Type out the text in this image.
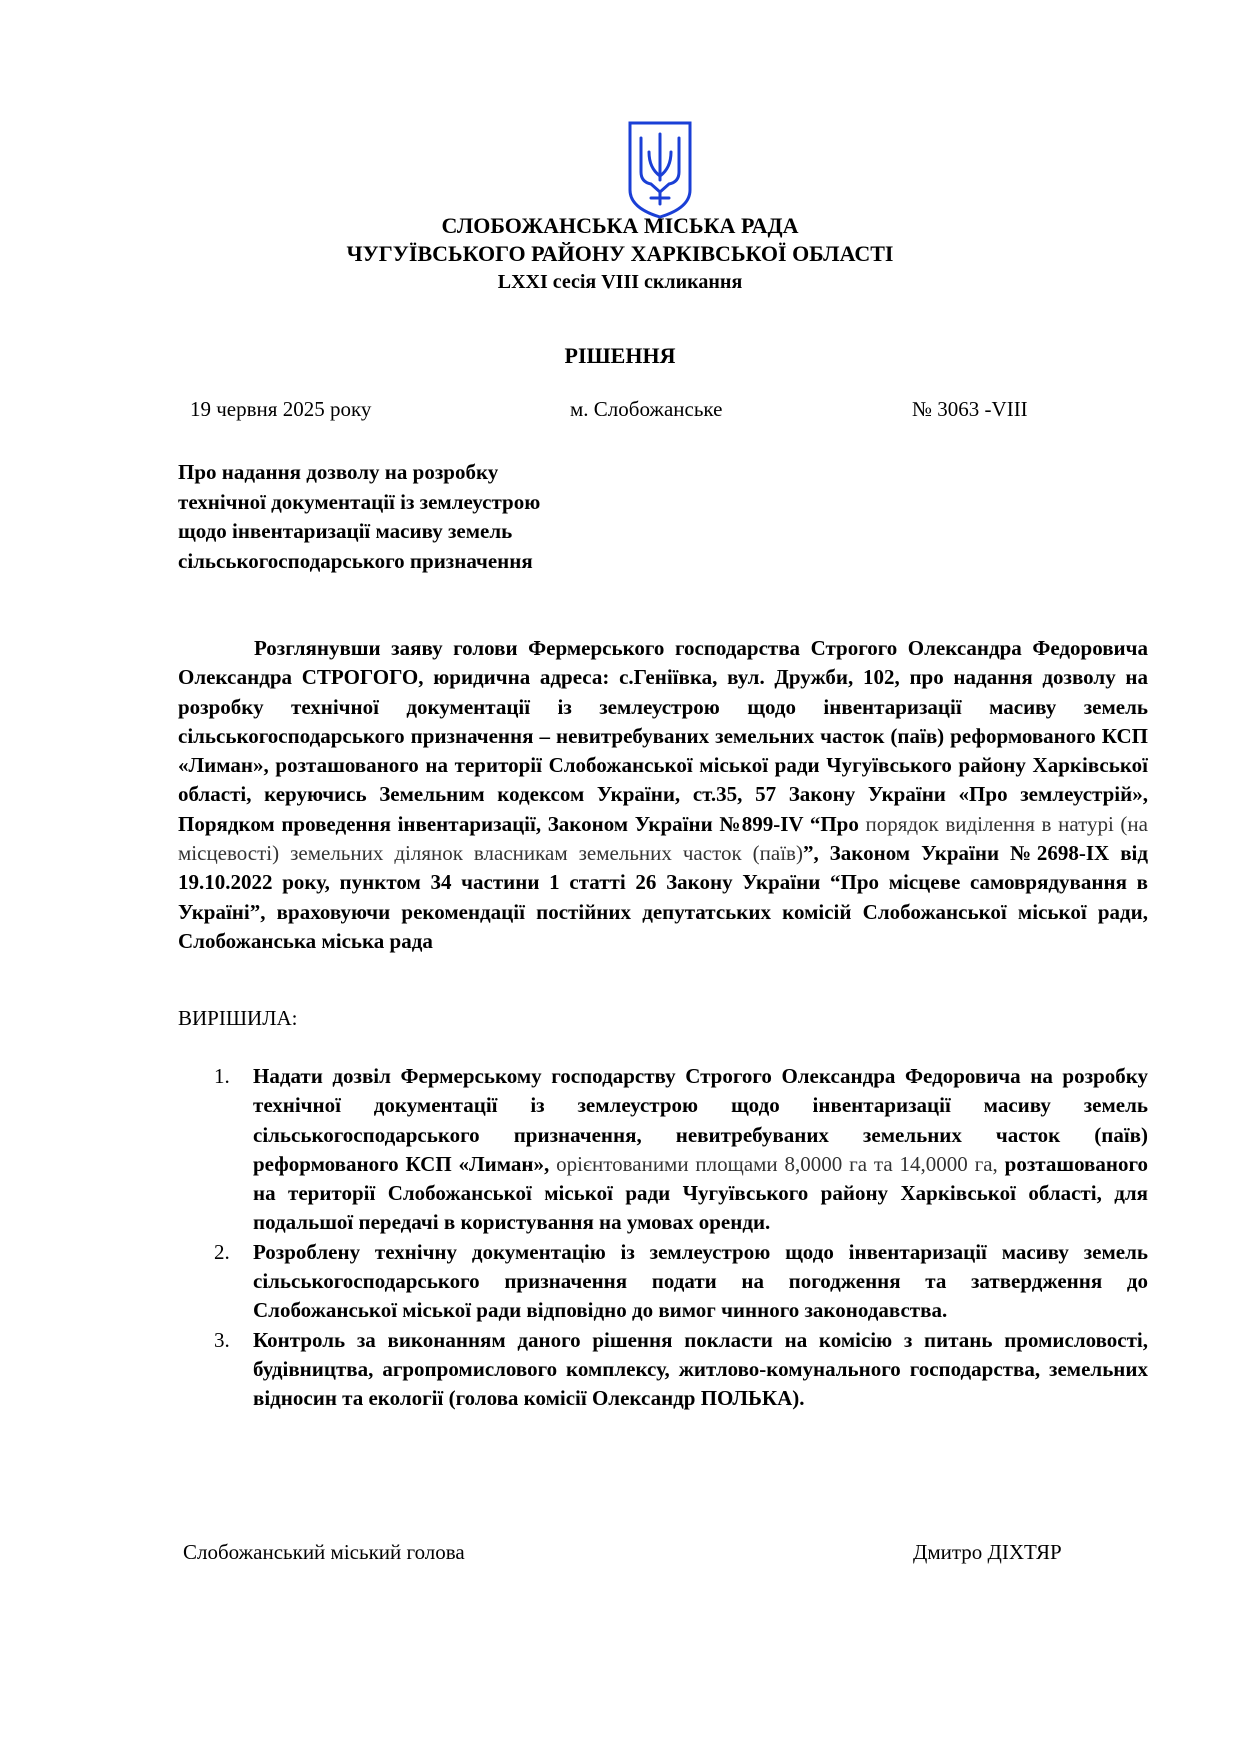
СЛОБОЖАНСЬКА МІСЬКА РАДА
ЧУГУЇВСЬКОГО РАЙОНУ ХАРКІВСЬКОЇ ОБЛАСТІ
LXXI сесія VIII скликання
РІШЕННЯ
19 червня 2025 року	м. Слобожанське	№ 3063 -VIII
Про надання дозволу на розробку
технічної документації із землеустрою
щодо інвентаризації масиву земель
сільськогосподарського призначення

Розглянувши заяву голови Фермерського господарства Строгого Олександра Федоровича Олександра СТРОГОГО, юридична адреса: с.Геніївка, вул. Дружби, 102, про надання дозволу на розробку технічної документації із землеустрою щодо інвентаризації масиву земель сільськогосподарського призначення – невитребуваних земельних часток (паїв) реформованого КСП «Лиман», розташованого на території Слобожанської міської ради Чугуївського району Харківської області, керуючись Земельним кодексом України, ст.35, 57 Закону України «Про землеустрій», Порядком проведення інвентаризації, Законом України №899-IV “Про порядок виділення в натурі (на місцевості) земельних ділянок власникам земельних часток (паїв)”, Законом України №2698-IX від 19.10.2022 року, пунктом 34 частини 1 статті 26 Закону України “Про місцеве самоврядування в Україні”, враховуючи рекомендації постійних депутатських комісій Слобожанської міської ради, Слобожанська міська рада

ВИРІШИЛА:

1. Надати дозвіл Фермерському господарству Строгого Олександра Федоровича на розробку технічної документації із землеустрою щодо інвентаризації масиву земель сільськогосподарського призначення, невитребуваних земельних часток (паїв) реформованого КСП «Лиман», орієнтованими площами 8,0000 га та 14,0000 га, розташованого на території Слобожанської міської ради Чугуївського району Харківської області, для подальшої передачі в користування на умовах оренди.

2. Розроблену технічну документацію із землеустрою щодо інвентаризації масиву земель сільськогосподарського призначення подати на погодження та затвердження до Слобожанської міської ради відповідно до вимог чинного законодавства.

3. Контроль за виконанням даного рішення покласти на комісію з питань промисловості, будівництва, агропромислового комплексу, житлово-комунального господарства, земельних відносин та екології (голова комісії Олександр ПОЛЬКА).

Слобожанський міський голова	Дмитро ДІХТЯР
